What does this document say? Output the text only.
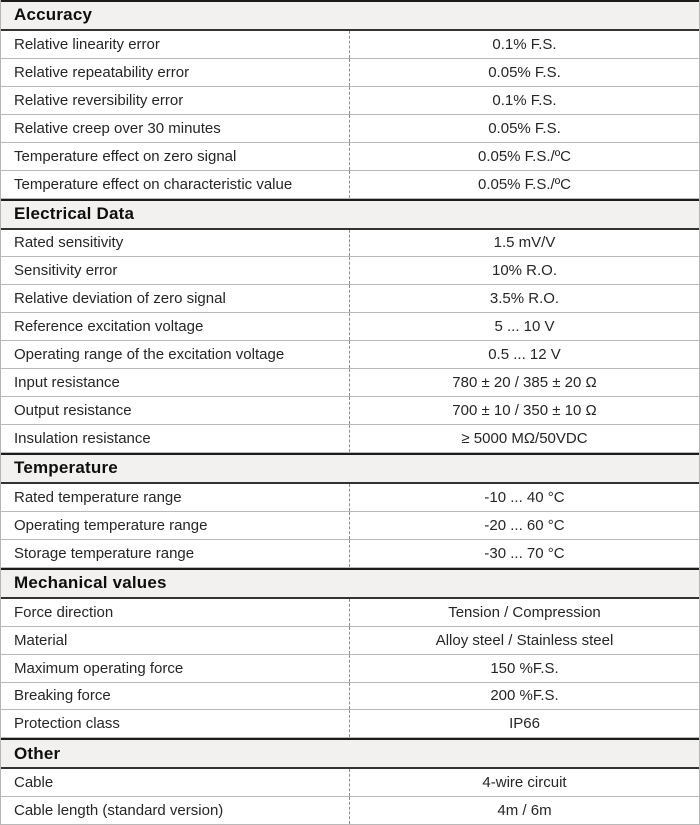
Accuracy
Relative linearity error	0.1% F.S.
Relative repeatability error	0.05% F.S.
Relative reversibility error	0.1% F.S.
Relative creep over 30 minutes	0.05% F.S.
Temperature effect on zero signal	0.05% F.S./ºC
Temperature effect on characteristic value	0.05% F.S./ºC
Electrical Data
Rated sensitivity	1.5 mV/V
Sensitivity error	10% R.O.
Relative deviation of zero signal	3.5% R.O.
Reference excitation voltage	5 ... 10 V
Operating range of the excitation voltage	0.5 ... 12 V
Input resistance	780 ± 20 / 385 ± 20 Ω
Output resistance	700 ± 10 / 350 ± 10 Ω
Insulation resistance	≥ 5000 MΩ/50VDC
Temperature
Rated temperature range	-10 ... 40 °C
Operating temperature range	-20 ... 60 °C
Storage temperature range	-30 ... 70 °C
Mechanical values
Force direction	Tension / Compression
Material	Alloy steel / Stainless steel
Maximum operating force	150 %F.S.
Breaking force	200 %F.S.
Protection class	IP66
Other
Cable	4-wire circuit
Cable length (standard version)	4m / 6m
